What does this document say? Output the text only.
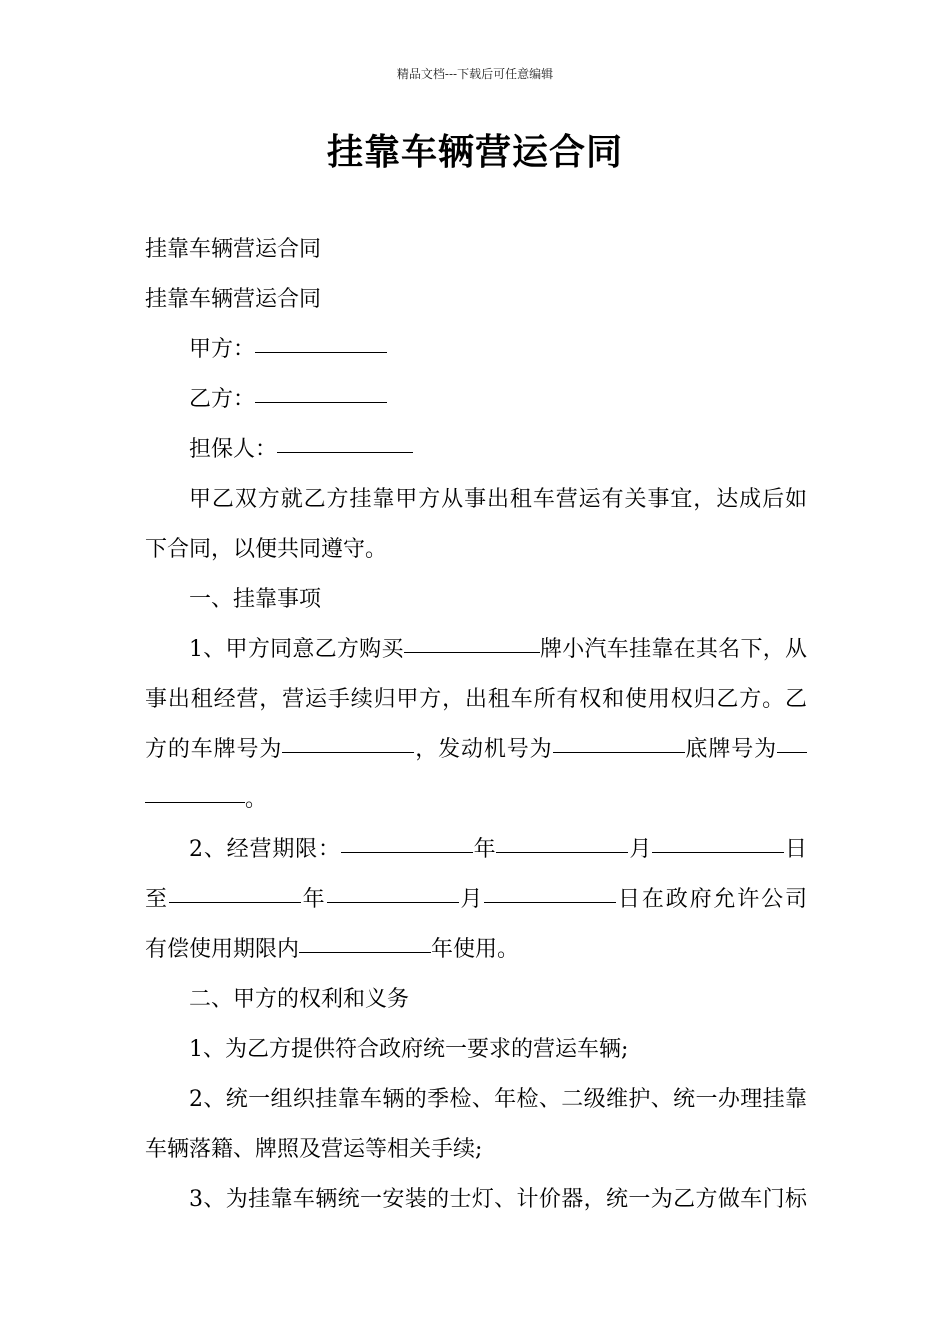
精品文档---下载后可任意编辑
挂靠车辆营运合同

挂靠车辆营运合同

挂靠车辆营运合同

甲方：

乙方：

担保人：

甲乙双方就乙方挂靠甲方从事出租车营运有关事宜，达成后如

下合同，以便共同遵守。

一、挂靠事项

1、甲方同意乙方购买	牌小汽车挂靠在其名下，从

事出租经营，营运手续归甲方，出租车所有权和使用权归乙方。乙

方的车牌号为	，发动机号为	底牌号为

。

2、经营期限：	年	月	日

至	年	月	日在政府允许公司

有偿使用期限内	年使用。

二、甲方的权利和义务

1、为乙方提供符合政府统一要求的营运车辆;

2、统一组织挂靠车辆的季检、年检、二级维护、统一办理挂靠

车辆落籍、牌照及营运等相关手续;

3、为挂靠车辆统一安装的士灯、计价器，统一为乙方做车门标
